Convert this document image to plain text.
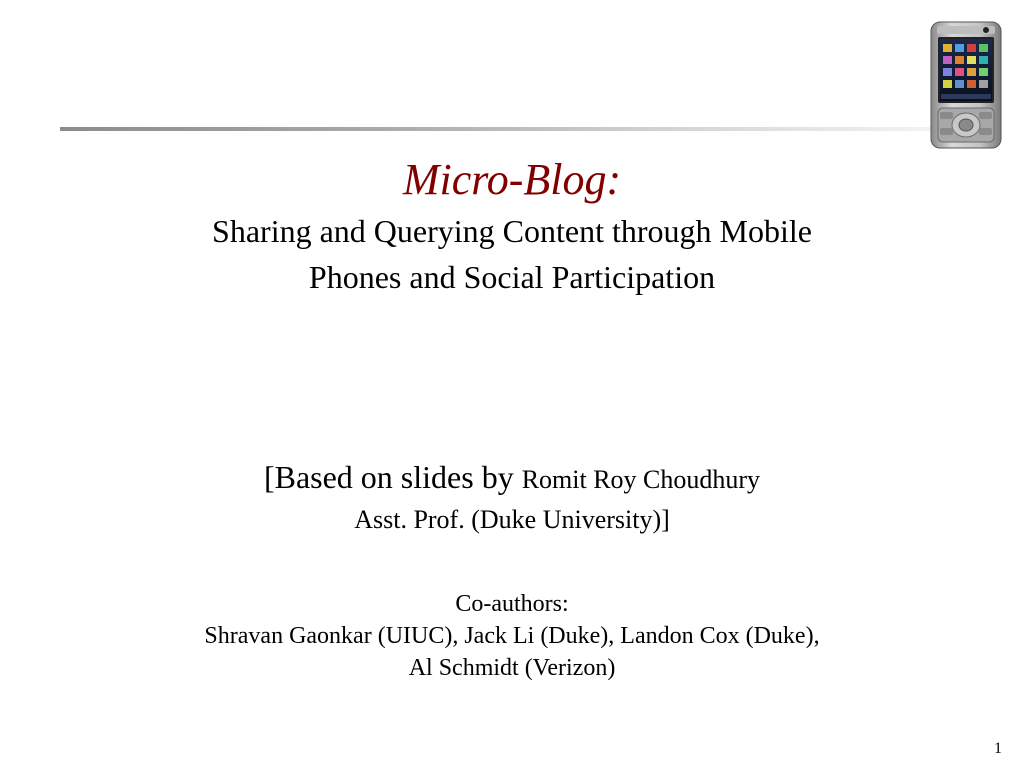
Micro-Blog:
Sharing and Querying Content through Mobile
Phones and Social Participation
[Based on slides by Romit Roy Choudhury
Asst. Prof. (Duke University)]
Co-authors:
Shravan Gaonkar (UIUC), Jack Li (Duke), Landon Cox (Duke),
Al Schmidt (Verizon)
1
